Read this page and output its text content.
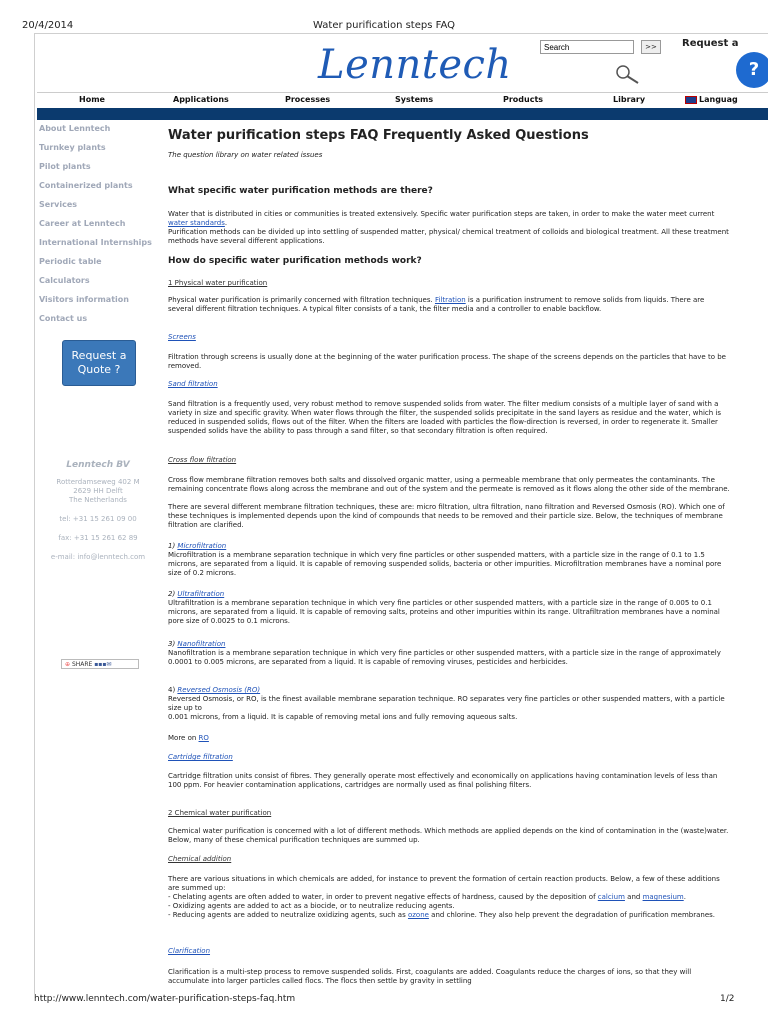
20/4/2014	Water purification steps FAQ
Lenntech
Search	>>	Request a
?
Home	Applications	Processes	Systems	Products	Library	Languag
About Lenntech
Turnkey plants
Pilot plants
Containerized plants
Services
Career at Lenntech
International Internships
Periodic table
Calculators
Visitors information
Contact us
Request a
Quote ?
Lenntech BV
Rotterdamseweg 402 M
2629 HH Delft
The Netherlands
tel: +31 15 261 09 00
fax: +31 15 261 62 89
e-mail: info@lenntech.com
⊕ SHARE ▪▪▪✉
Water purification steps FAQ Frequently Asked Questions
The question library on water related issues
What specific water purification methods are there?
Water that is distributed in cities or communities is treated extensively. Specific water purification steps are taken, in order to make the water meet current water standards.
Purification methods can be divided up into settling of suspended matter, physical/ chemical treatment of colloids and biological treatment. All these treatment methods have several different applications.
How do specific water purification methods work?
1 Physical water purification
Physical water purification is primarily concerned with filtration techniques. Filtration is a purification instrument to remove solids from liquids. There are several different filtration techniques. A typical filter consists of a tank, the filter media and a controller to enable backflow.
Screens
Filtration through screens is usually done at the beginning of the water purification process. The shape of the screens depends on the particles that have to be removed.
Sand filtration
Sand filtration is a frequently used, very robust method to remove suspended solids from water. The filter medium consists of a multiple layer of sand with a variety in size and specific gravity. When water flows through the filter, the suspended solids precipitate in the sand layers as residue and the water, which is reduced in suspended solids, flows out of the filter. When the filters are loaded with particles the flow-direction is reversed, in order to regenerate it. Smaller suspended solids have the ability to pass through a sand filter, so that secondary filtration is often required.
Cross flow filtration
Cross flow membrane filtration removes both salts and dissolved organic matter, using a permeable membrane that only permeates the contaminants. The remaining concentrate flows along across the membrane and out of the system and the permeate is removed as it flows along the other side of the membrane.
There are several different membrane filtration techniques, these are: micro filtration, ultra filtration, nano filtration and Reversed Osmosis (RO). Which one of these techniques is implemented depends upon the kind of compounds that needs to be removed and their particle size. Below, the techniques of membrane filtration are clarified.
1) Microfiltration
Microfiltration is a membrane separation technique in which very fine particles or other suspended matters, with a particle size in the range of 0.1 to 1.5 microns, are separated from a liquid. It is capable of removing suspended solids, bacteria or other impurities. Microfiltration membranes have a nominal pore size of 0.2 microns.
2) Ultrafiltration
Ultrafiltration is a membrane separation technique in which very fine particles or other suspended matters, with a particle size in the range of 0.005 to 0.1 microns, are separated from a liquid. It is capable of removing salts, proteins and other impurities within its range. Ultrafiltration membranes have a nominal pore size of 0.0025 to 0.1 microns.
3) Nanofiltration
Nanofiltration is a membrane separation technique in which very fine particles or other suspended matters, with a particle size in the range of approximately
0.0001 to 0.005 microns, are separated from a liquid. It is capable of removing viruses, pesticides and herbicides.
4) Reversed Osmosis (RO)
Reversed Osmosis, or RO, is the finest available membrane separation technique. RO separates very fine particles or other suspended matters, with a particle size up to
0.001 microns, from a liquid. It is capable of removing metal ions and fully removing aqueous salts.
More on RO
Cartridge filtration
Cartridge filtration units consist of fibres. They generally operate most effectively and economically on applications having contamination levels of less than 100 ppm. For heavier contamination applications, cartridges are normally used as final polishing filters.
2 Chemical water purification
Chemical water purification is concerned with a lot of different methods. Which methods are applied depends on the kind of contamination in the (waste)water. Below, many of these chemical purification techniques are summed up.
Chemical addition
There are various situations in which chemicals are added, for instance to prevent the formation of certain reaction products. Below, a few of these additions are summed up:
- Chelating agents are often added to water, in order to prevent negative effects of hardness, caused by the deposition of calcium and magnesium.
- Oxidizing agents are added to act as a biocide, or to neutralize reducing agents.
- Reducing agents are added to neutralize oxidizing agents, such as ozone and chlorine. They also help prevent the degradation of purification membranes.
Clarification
Clarification is a multi-step process to remove suspended solids. First, coagulants are added. Coagulants reduce the charges of ions, so that they will accumulate into larger particles called flocs. The flocs then settle by gravity in settling
http://www.lenntech.com/water-purification-steps-faq.htm	1/2
